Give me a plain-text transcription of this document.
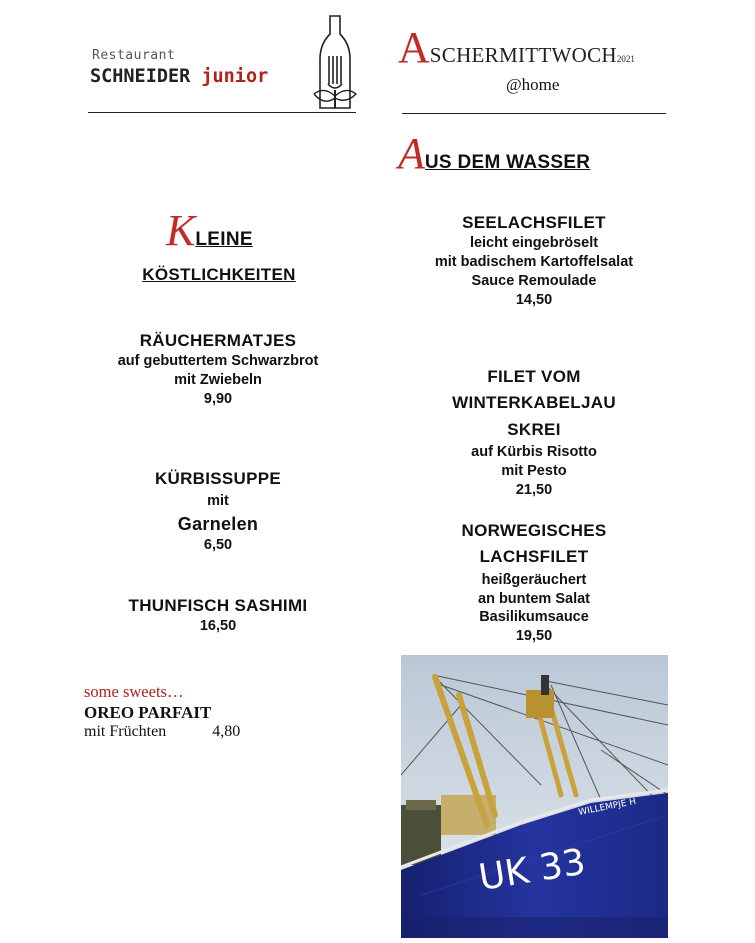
Restaurant
SCHNEIDER junior
ASCHERMITTWOCH2021
@home
AUS DEM WASSER
KLEINE
KÖSTLICHKEITEN
RÄUCHERMATJES
auf gebuttertem Schwarzbrot
mit Zwiebeln
9,90
KÜRBISSUPPE
mit
Garnelen
6,50
THUNFISCH SASHIMI
16,50
some sweets…
OREO PARFAIT
mit Früchten	4,80
SEELACHSFILET
leicht eingebröselt
mit badischem Kartoffelsalat
Sauce Remoulade
14,50
FILET VOM
WINTERKABELJAU
SKREI
auf Kürbis Risotto
mit Pesto
21,50
NORWEGISCHES
LACHSFILET
heißgeräuchert
an buntem Salat
Basilikumsauce
19,50
WILLEMPJE H
UK 33
